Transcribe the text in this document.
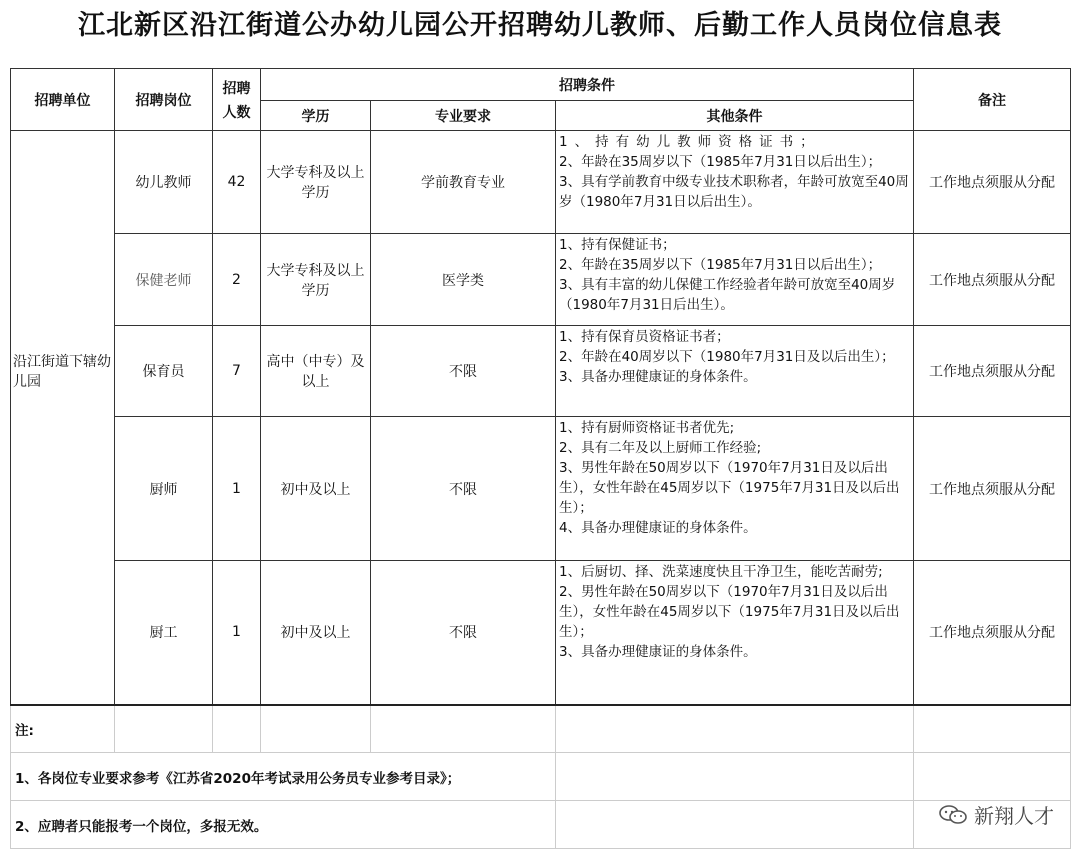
江北新区沿江街道公办幼儿园公开招聘幼儿教师、后勤工作人员岗位信息表
招聘单位	招聘岗位	招聘
人数	招聘条件			备注
			学历	专业要求	其他条件	
	幼儿教师	42	大学专科及以上学历	学前教育专业	1、持有幼儿教师资格证书；
2、年龄在35周岁以下（1985年7月31日以后出生）；
3、具有学前教育中级专业技术职称者，年龄可放宽至40周岁（1980年7月31日以后出生）。	工作地点须服从分配
	保健老师	2	大学专科及以上学历	医学类	1、持有保健证书；
2、年龄在35周岁以下（1985年7月31日以后出生）；
3、具有丰富的幼儿保健工作经验者年龄可放宽至40周岁（1980年7月31日后出生）。	工作地点须服从分配
沿江街道下辖幼儿园	保育员	7	高中（中专）及以上	不限	1、持有保育员资格证书者；
2、年龄在40周岁以下（1980年7月31日及以后出生）；
3、具备办理健康证的身体条件。	工作地点须服从分配
	厨师	1	初中及以上	不限	1、持有厨师资格证书者优先;
2、具有二年及以上厨师工作经验;
3、男性年龄在50周岁以下（1970年7月31日及以后出生），女性年龄在45周岁以下（1975年7月31日及以后出生）；
4、具备办理健康证的身体条件。	工作地点须服从分配
	厨工	1	初中及以上	不限	1、后厨切、择、洗菜速度快且干净卫生，能吃苦耐劳;
2、男性年龄在50周岁以下（1970年7月31日及以后出生），女性年龄在45周岁以下（1975年7月31日及以后出生）；
3、具备办理健康证的身体条件。	工作地点须服从分配
注:						
1、各岗位专业要求参考《江苏省2020年考试录用公务员专业参考目录》；						
2、应聘者只能报考一个岗位，多报无效。							新翔人才
